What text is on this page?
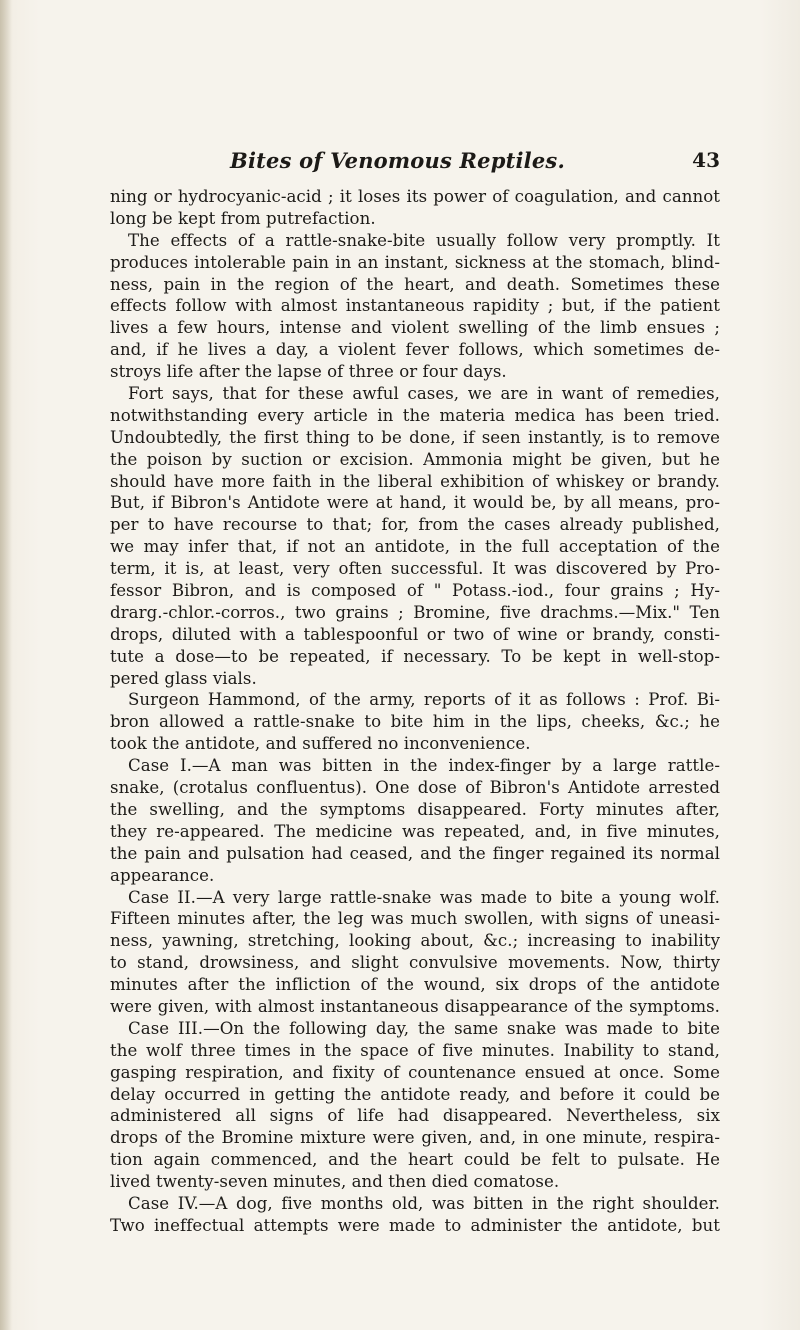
Bites of Venomous Reptiles.	43
ning or hydrocyanic-acid ; it loses its power of coagulation, and cannot
long be kept from putrefaction.
The effects of a rattle-snake-bite usually follow very promptly. It
produces intolerable pain in an instant, sickness at the stomach, blind-
ness, pain in the region of the heart, and death. Sometimes these
effects follow with almost instantaneous rapidity ; but, if the patient
lives a few hours, intense and violent swelling of the limb ensues ;
and, if he lives a day, a violent fever follows, which sometimes de-
stroys life after the lapse of three or four days.
Fort says, that for these awful cases, we are in want of remedies,
notwithstanding every article in the materia medica has been tried.
Undoubtedly, the first thing to be done, if seen instantly, is to remove
the poison by suction or excision. Ammonia might be given, but he
should have more faith in the liberal exhibition of whiskey or brandy.
But, if Bibron's Antidote were at hand, it would be, by all means, pro-
per to have recourse to that; for, from the cases already published,
we may infer that, if not an antidote, in the full acceptation of the
term, it is, at least, very often successful. It was discovered by Pro-
fessor Bibron, and is composed of " Potass.-iod., four grains ; Hy-
drarg.-chlor.-corros., two grains ; Bromine, five drachms.—Mix." Ten
drops, diluted with a tablespoonful or two of wine or brandy, consti-
tute a dose—to be repeated, if necessary. To be kept in well-stop-
pered glass vials.
Surgeon Hammond, of the army, reports of it as follows : Prof. Bi-
bron allowed a rattle-snake to bite him in the lips, cheeks, &c.; he
took the antidote, and suffered no inconvenience.
Case I.—A man was bitten in the index-finger by a large rattle-
snake, (crotalus confluentus). One dose of Bibron's Antidote arrested
the swelling, and the symptoms disappeared. Forty minutes after,
they re-appeared. The medicine was repeated, and, in five minutes,
the pain and pulsation had ceased, and the finger regained its normal
appearance.
Case II.—A very large rattle-snake was made to bite a young wolf.
Fifteen minutes after, the leg was much swollen, with signs of uneasi-
ness, yawning, stretching, looking about, &c.; increasing to inability
to stand, drowsiness, and slight convulsive movements. Now, thirty
minutes after the infliction of the wound, six drops of the antidote
were given, with almost instantaneous disappearance of the symptoms.
Case III.—On the following day, the same snake was made to bite
the wolf three times in the space of five minutes. Inability to stand,
gasping respiration, and fixity of countenance ensued at once. Some
delay occurred in getting the antidote ready, and before it could be
administered all signs of life had disappeared. Nevertheless, six
drops of the Bromine mixture were given, and, in one minute, respira-
tion again commenced, and the heart could be felt to pulsate. He
lived twenty-seven minutes, and then died comatose.
Case IV.—A dog, five months old, was bitten in the right shoulder.
Two ineffectual attempts were made to administer the antidote, but
